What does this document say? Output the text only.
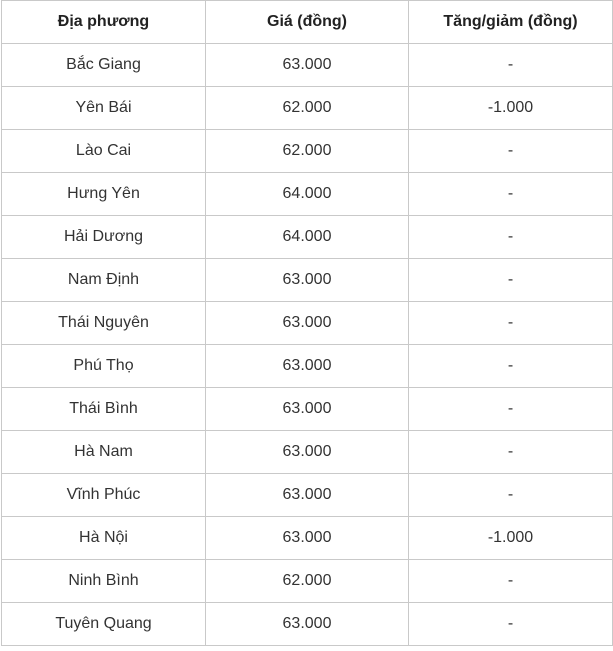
Địa phương	Giá (đồng)	Tăng/giảm (đồng)
Bắc Giang	63.000	-
Yên Bái	62.000	-1.000
Lào Cai	62.000	-
Hưng Yên	64.000	-
Hải Dương	64.000	-
Nam Định	63.000	-
Thái Nguyên	63.000	-
Phú Thọ	63.000	-
Thái Bình	63.000	-
Hà Nam	63.000	-
Vĩnh Phúc	63.000	-
Hà Nội	63.000	-1.000
Ninh Bình	62.000	-
Tuyên Quang	63.000	-
